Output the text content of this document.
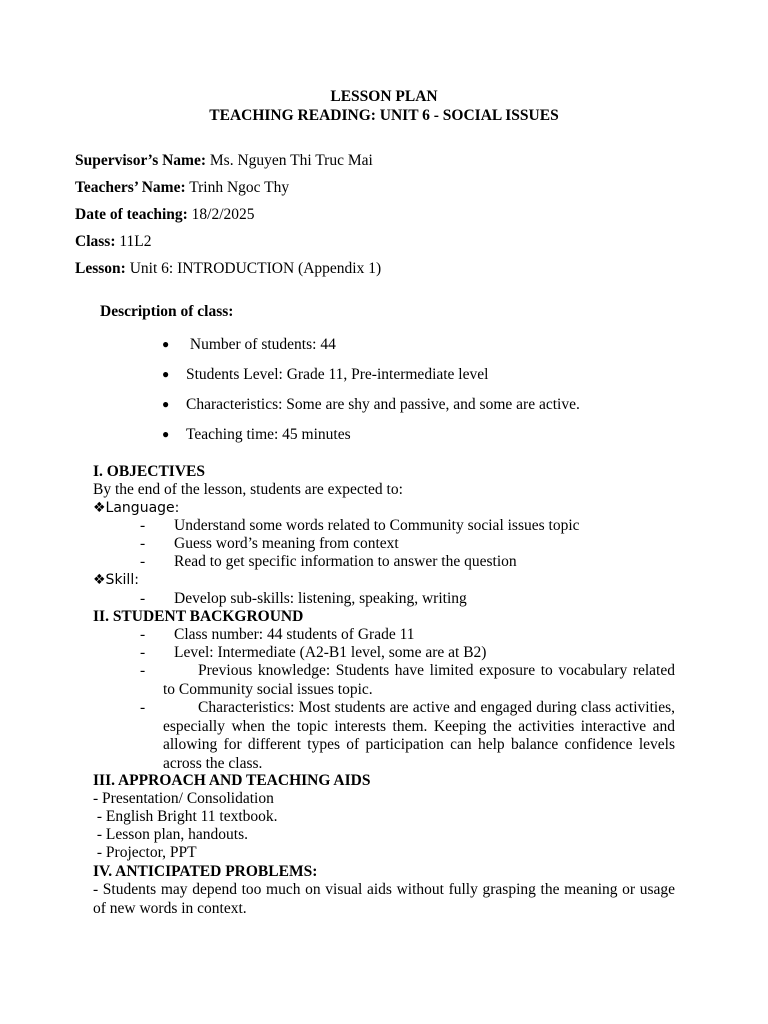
LESSON PLAN
TEACHING READING: UNIT 6 - SOCIAL ISSUES
Supervisor’s Name: Ms. Nguyen Thi Truc Mai
Teachers’ Name: Trinh Ngoc Thy
Date of teaching: 18/2/2025
Class: 11L2
Lesson: Unit 6: INTRODUCTION (Appendix 1)
Description of class:
● Number of students: 44
● Students Level: Grade 11, Pre-intermediate level
● Characteristics: Some are shy and passive, and some are active.
● Teaching time: 45 minutes
I. OBJECTIVES
By the end of the lesson, students are expected to:
❖Language:
- Understand some words related to Community social issues topic
- Guess word’s meaning from context
- Read to get specific information to answer the question
❖Skill:
- Develop sub-skills: listening, speaking, writing
II. STUDENT BACKGROUND
- Class number: 44 students of Grade 11
- Level: Intermediate (A2-B1 level, some are at B2)
-	Previous knowledge: Students have limited exposure to vocabulary related to Community social issues topic.
-	Characteristics: Most students are active and engaged during class activities, especially when the topic interests them. Keeping the activities interactive and allowing for different types of participation can help balance confidence levels across the class.
III. APPROACH AND TEACHING AIDS
- Presentation/ Consolidation
- English Bright 11 textbook.
- Lesson plan, handouts.
- Projector, PPT
IV. ANTICIPATED PROBLEMS:
- Students may depend too much on visual aids without fully grasping the meaning or usage of new words in context.
